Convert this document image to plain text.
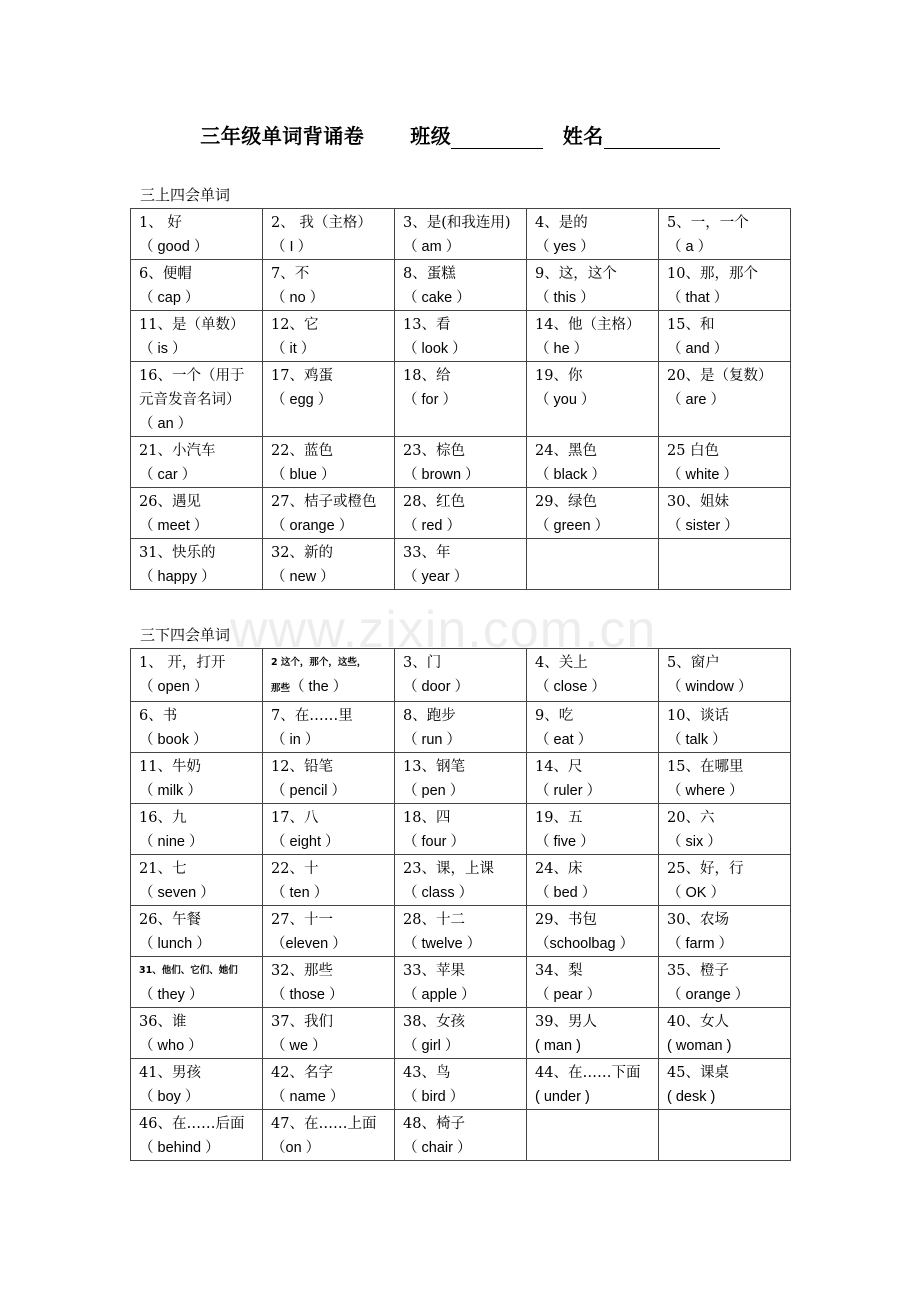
三年级单词背诵卷 班级	姓名
www.zixin.com.cn
三上四会单词
1、 好
（ good ）	2、 我（主格）
（ I ）	3、是(和我连用)
（ am ）	4、是的
（ yes ）	5、一，一个
（ a ）

6、便帽
（ cap ）	7、不
（ no ）	8、蛋糕
（ cake ）	9、这，这个
（ this ）	10、那，那个
（ that ）

11、是（单数）
（ is ）	12、它
（ it ）	13、看
（ look ）	14、他（主格）
（ he ）	15、和
（ and ）

16、一个（用于
元音发音名词）
（ an ）	17、鸡蛋
（ egg ）	18、给
（ for ）	19、你
（ you ）	20、是（复数）
（ are ）

21、小汽车
（ car ）	22、蓝色
（ blue ）	23、棕色
（ brown ）	24、黑色
（ black ）	25 白色
（ white ）

26、遇见
（ meet ）	27、桔子或橙色
（ orange ）	28、红色
（ red ）	29、绿色
（ green ）	30、姐妹
（ sister ）

31、快乐的
（ happy ）	32、新的
（ new ）	33、年
（ year ）		

三下四会单词
1、 开，打开
（ open ）	2 这个，那个，这些，
那些（ the ）	3、门
（ door ）	4、关上
（ close ）	5、窗户
（ window ）

6、书
（ book ）	7、在……里
（ in ）	8、跑步
（ run ）	9、吃
（ eat ）	10、谈话
（ talk ）

11、牛奶
（ milk ）	12、铅笔
（ pencil ）	13、钢笔
（ pen ）	14、尺
（ ruler ）	15、在哪里
（ where ）

16、九
（ nine ）	17、八
（ eight ）	18、四
（ four ）	19、五
（ five ）	20、六
（ six ）

21、七
（ seven ）	22、十
（ ten ）	23、课，上课
（ class ）	24、床
（ bed ）	25、好，行
（ OK ）

26、午餐
（ lunch ）	27、十一
（eleven ）	28、十二
（ twelve ）	29、书包
（schoolbag ）	30、农场
（ farm ）

31、他们、它们、她们
（ they ）	32、那些
（ those ）	33、苹果
（ apple ）	34、梨
（ pear ）	35、橙子
（ orange ）

36、谁
（ who ）	37、我们
（ we ）	38、女孩
（ girl ）	39、男人
( man )	40、女人
( woman )

41、男孩
（ boy ）	42、名字
（ name ）	43、鸟
（ bird ）	44、在……下面
( under )	45、课桌
( desk )

46、在……后面
（ behind ）	47、在……上面
（on ）	48、椅子
（ chair ）		
